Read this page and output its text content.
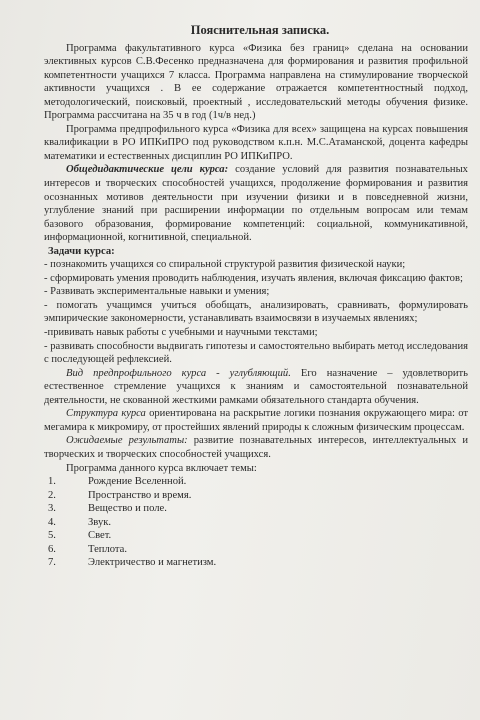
Пояснительная записка.

Программа факультативного курса «Физика без границ» сделана на основании элективных курсов С.В.Фесенко предназначена для формирования и развития профильной компетентности учащихся 7 класса. Программа направлена на стимулирование творческой активности учащихся . В ее содержание отражается компетентностный подход, методологический, поисковый, проектный , исследовательский методы обучения физике. Программа рассчитана на 35 ч в год (1ч/в нед.)

Программа предпрофильного курса «Физика для всех» защищена на курсах повышения квалификации в РО ИПКиПРО под руководством к.п.н. М.С.Атаманской, доцента кафедры математики и естественных дисциплин РО ИПКиПРО.

Общедидактические цели курса: создание условий для развития познавательных интересов и творческих способностей учащихся, продолжение формирования и развития осознанных мотивов деятельности при изучении физики и в повседневной жизни, углубление знаний при расширении информации по отдельным вопросам или темам базового образования, формирование компетенций: социальной, коммуникативной, информационной, когнитивной, специальной.

Задачи курса:

- познакомить учащихся со спиральной структурой развития физической науки;

- сформировать умения проводить наблюдения, изучать явления, включая фиксацию фактов;

- Развивать экспериментальные навыки и умения;

- помогать учащимся учиться обобщать, анализировать, сравнивать, формулировать эмпирические закономерности, устанавливать взаимосвязи в изучаемых явлениях;

-прививать навык работы с учебными и научными текстами;

- развивать способности выдвигать гипотезы и самостоятельно выбирать метод исследования с последующей рефлексией.

Вид предпрофильного курса - углубляющий. Его назначение – удовлетворить естественное стремление учащихся к знаниям и самостоятельной познавательной деятельности, не скованной жесткими рамками обязательного стандарта обучения.

Структура курса ориентирована на раскрытие логики познания окружающего мира: от мегамира к микромиру, от простейших явлений природы к сложным физическим процессам.

Ожидаемые результаты: развитие познавательных интересов, интеллектуальных и творческих и творческих способностей учащихся.

Программа данного курса включает темы:

1.	Рождение Вселенной.
2.	Пространство и время.
3.	Вещество и поле.
4.	Звук.
5.	Свет.
6.	Теплота.
7.	Электричество и магнетизм.
